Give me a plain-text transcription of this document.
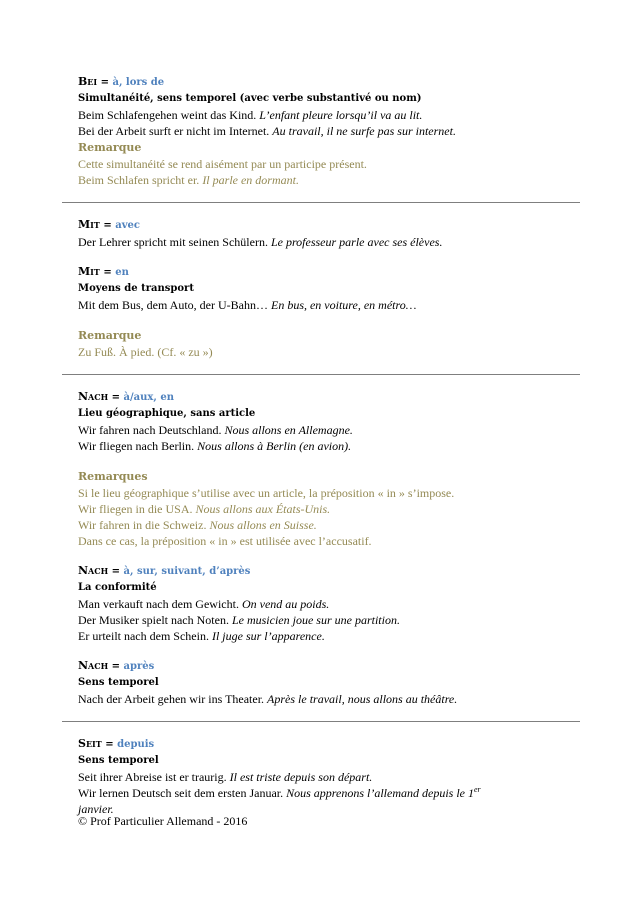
Bei = à, lors de
Simultanéité, sens temporel (avec verbe substantivé ou nom)
Beim Schlafengehen weint das Kind. L’enfant pleure lorsqu’il va au lit.
Bei der Arbeit surft er nicht im Internet. Au travail, il ne surfe pas sur internet.
Remarque
Cette simultanéité se rend aisément par un participe présent.
Beim Schlafen spricht er. Il parle en dormant.
Mit = avec
Der Lehrer spricht mit seinen Schülern. Le professeur parle avec ses élèves.
Mit = en
Moyens de transport
Mit dem Bus, dem Auto, der U-Bahn… En bus, en voiture, en métro…
Remarque
Zu Fuß. À pied. (Cf. « zu »)
Nach = à/aux, en
Lieu géographique, sans article
Wir fahren nach Deutschland. Nous allons en Allemagne.
Wir fliegen nach Berlin. Nous allons à Berlin (en avion).
Remarques
Si le lieu géographique s’utilise avec un article, la préposition « in » s’impose.
Wir fliegen in die USA. Nous allons aux États-Unis.
Wir fahren in die Schweiz. Nous allons en Suisse.
Dans ce cas, la préposition « in » est utilisée avec l’accusatif.
Nach = à, sur, suivant, d’après
La conformité
Man verkauft nach dem Gewicht. On vend au poids.
Der Musiker spielt nach Noten. Le musicien joue sur une partition.
Er urteilt nach dem Schein. Il juge sur l’apparence.
Nach = après
Sens temporel
Nach der Arbeit gehen wir ins Theater. Après le travail, nous allons au théâtre.
Seit = depuis
Sens temporel
Seit ihrer Abreise ist er traurig. Il est triste depuis son départ.
Wir lernen Deutsch seit dem ersten Januar. Nous apprenons l’allemand depuis le 1er
janvier.
© Prof Particulier Allemand - 2016
